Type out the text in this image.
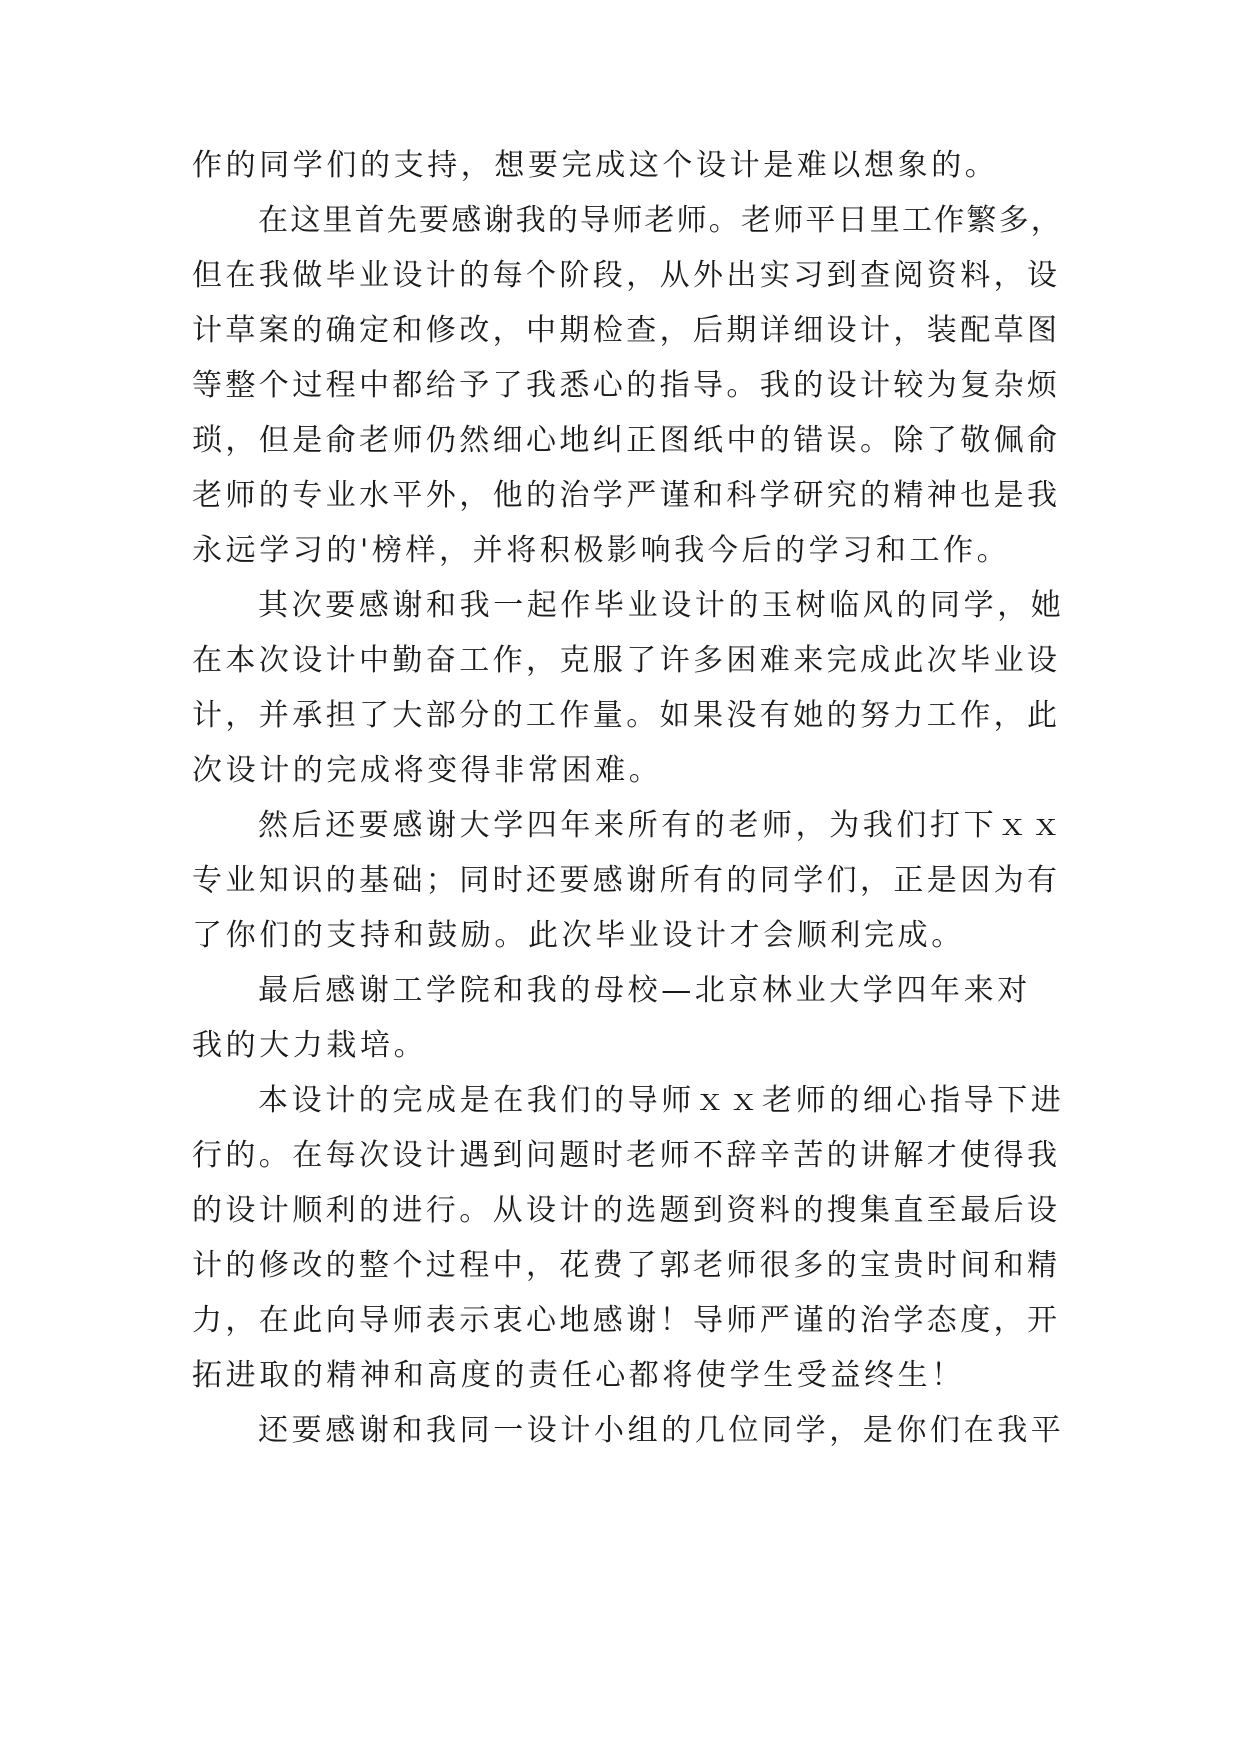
作的同学们的支持，想要完成这个设计是难以想象的。

在这里首先要感谢我的导师老师。老师平日里工作繁多，

但在我做毕业设计的每个阶段，从外出实习到查阅资料，设

计草案的确定和修改，中期检查，后期详细设计，装配草图

等整个过程中都给予了我悉心的指导。我的设计较为复杂烦

琐，但是俞老师仍然细心地纠正图纸中的错误。除了敬佩俞

老师的专业水平外，他的治学严谨和科学研究的精神也是我

永远学习的'榜样，并将积极影响我今后的学习和工作。

其次要感谢和我一起作毕业设计的玉树临风的同学，她

在本次设计中勤奋工作，克服了许多困难来完成此次毕业设

计，并承担了大部分的工作量。如果没有她的努力工作，此

次设计的完成将变得非常困难。

然后还要感谢大学四年来所有的老师，为我们打下ｘｘ

专业知识的基础；同时还要感谢所有的同学们，正是因为有

了你们的支持和鼓励。此次毕业设计才会顺利完成。

最后感谢工学院和我的母校—北京林业大学四年来对

我的大力栽培。

本设计的完成是在我们的导师ｘｘ老师的细心指导下进

行的。在每次设计遇到问题时老师不辞辛苦的讲解才使得我

的设计顺利的进行。从设计的选题到资料的搜集直至最后设

计的修改的整个过程中，花费了郭老师很多的宝贵时间和精

力，在此向导师表示衷心地感谢！导师严谨的治学态度，开

拓进取的精神和高度的责任心都将使学生受益终生！

还要感谢和我同一设计小组的几位同学，是你们在我平
